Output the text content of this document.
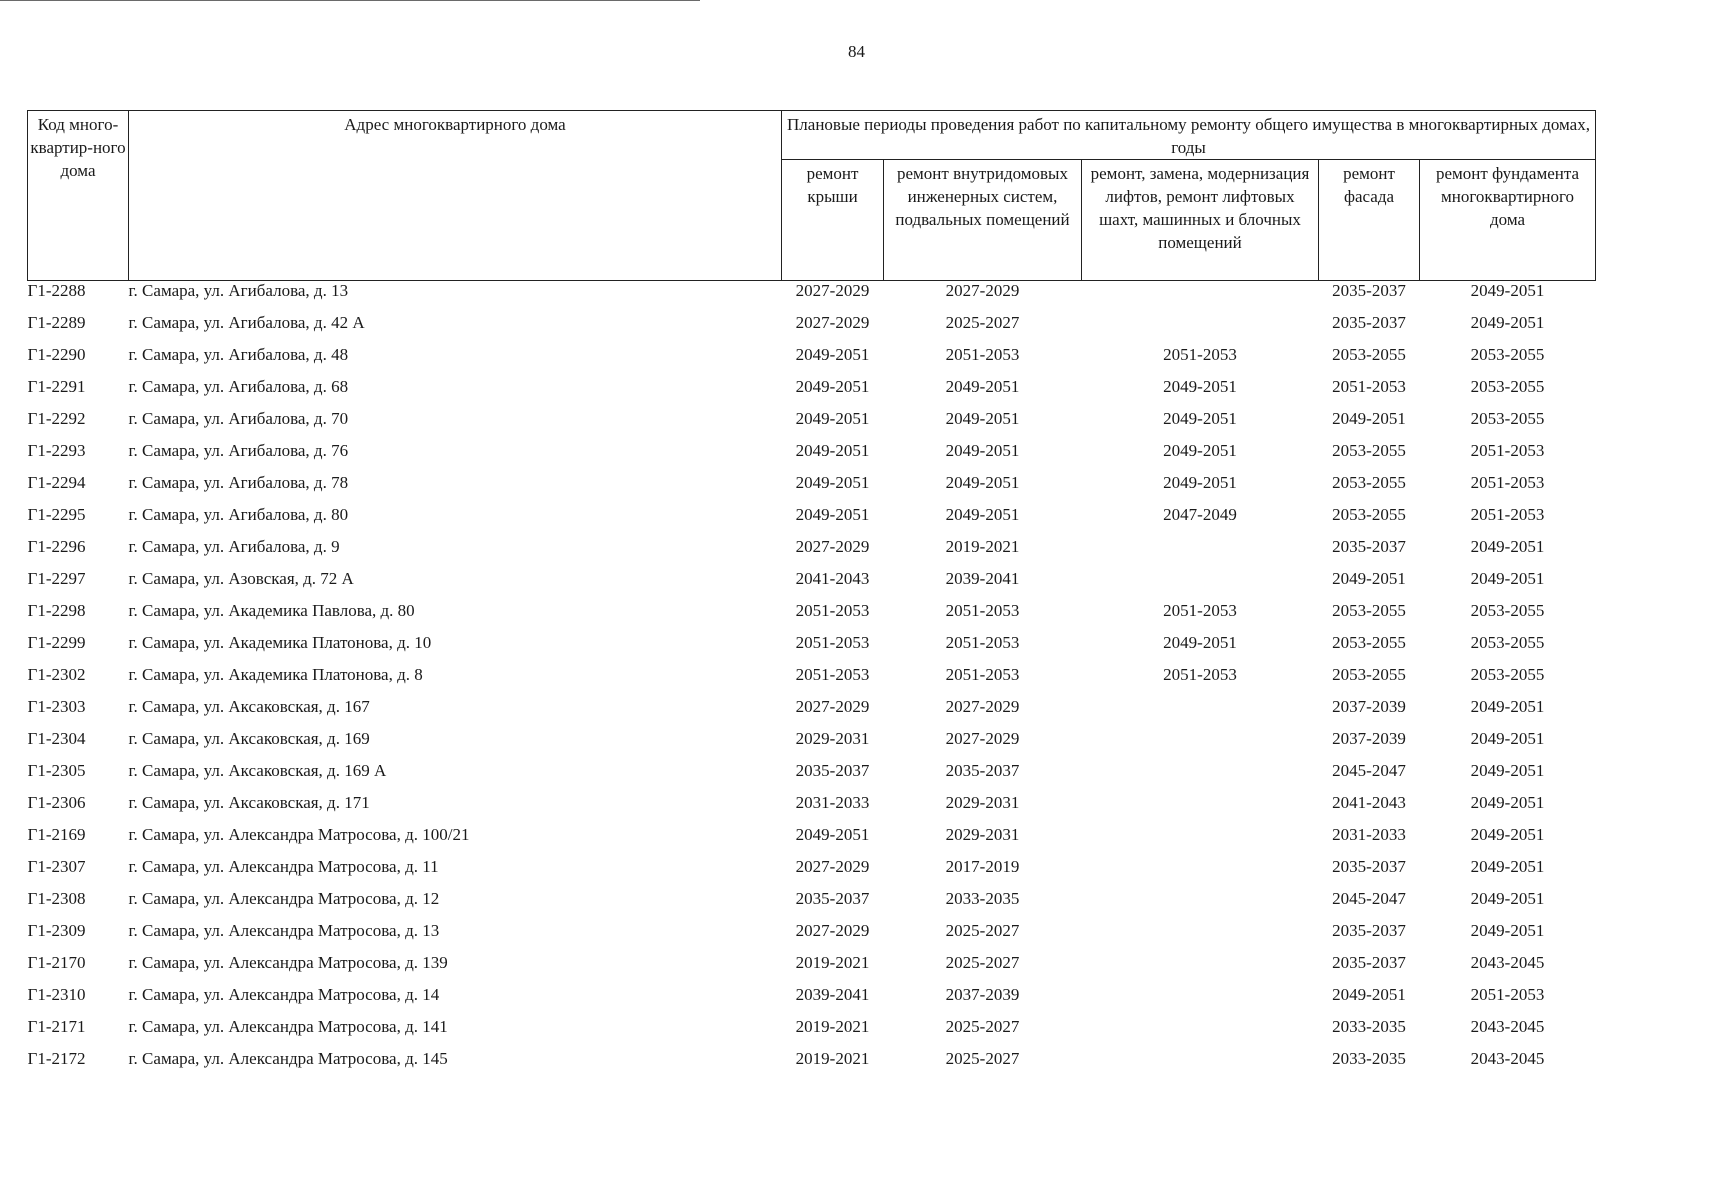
84
Код много-квартир-ного дома	Адрес многоквартирного дома	Плановые периоды проведения работ по капитальному ремонту общего имущества в многоквартирных домах, годы				
		ремонт крыши	ремонт внутридомовых инженерных систем, подвальных помещений	ремонт, замена, модернизация лифтов, ремонт лифтовых шахт, машинных и блочных помещений	ремонт фасада	ремонт фундамента многоквартирного дома
Г1-2288	г. Самара, ул. Агибалова, д. 13	2027-2029	2027-2029		2035-2037	2049-2051
Г1-2289	г. Самара, ул. Агибалова, д. 42 А	2027-2029	2025-2027		2035-2037	2049-2051
Г1-2290	г. Самара, ул. Агибалова, д. 48	2049-2051	2051-2053	2051-2053	2053-2055	2053-2055
Г1-2291	г. Самара, ул. Агибалова, д. 68	2049-2051	2049-2051	2049-2051	2051-2053	2053-2055
Г1-2292	г. Самара, ул. Агибалова, д. 70	2049-2051	2049-2051	2049-2051	2049-2051	2053-2055
Г1-2293	г. Самара, ул. Агибалова, д. 76	2049-2051	2049-2051	2049-2051	2053-2055	2051-2053
Г1-2294	г. Самара, ул. Агибалова, д. 78	2049-2051	2049-2051	2049-2051	2053-2055	2051-2053
Г1-2295	г. Самара, ул. Агибалова, д. 80	2049-2051	2049-2051	2047-2049	2053-2055	2051-2053
Г1-2296	г. Самара, ул. Агибалова, д. 9	2027-2029	2019-2021		2035-2037	2049-2051
Г1-2297	г. Самара, ул. Азовская, д. 72 А	2041-2043	2039-2041		2049-2051	2049-2051
Г1-2298	г. Самара, ул. Академика Павлова, д. 80	2051-2053	2051-2053	2051-2053	2053-2055	2053-2055
Г1-2299	г. Самара, ул. Академика Платонова, д. 10	2051-2053	2051-2053	2049-2051	2053-2055	2053-2055
Г1-2302	г. Самара, ул. Академика Платонова, д. 8	2051-2053	2051-2053	2051-2053	2053-2055	2053-2055
Г1-2303	г. Самара, ул. Аксаковская, д. 167	2027-2029	2027-2029		2037-2039	2049-2051
Г1-2304	г. Самара, ул. Аксаковская, д. 169	2029-2031	2027-2029		2037-2039	2049-2051
Г1-2305	г. Самара, ул. Аксаковская, д. 169 А	2035-2037	2035-2037		2045-2047	2049-2051
Г1-2306	г. Самара, ул. Аксаковская, д. 171	2031-2033	2029-2031		2041-2043	2049-2051
Г1-2169	г. Самара, ул. Александра Матросова, д. 100/21	2049-2051	2029-2031		2031-2033	2049-2051
Г1-2307	г. Самара, ул. Александра Матросова, д. 11	2027-2029	2017-2019		2035-2037	2049-2051
Г1-2308	г. Самара, ул. Александра Матросова, д. 12	2035-2037	2033-2035		2045-2047	2049-2051
Г1-2309	г. Самара, ул. Александра Матросова, д. 13	2027-2029	2025-2027		2035-2037	2049-2051
Г1-2170	г. Самара, ул. Александра Матросова, д. 139	2019-2021	2025-2027		2035-2037	2043-2045
Г1-2310	г. Самара, ул. Александра Матросова, д. 14	2039-2041	2037-2039		2049-2051	2051-2053
Г1-2171	г. Самара, ул. Александра Матросова, д. 141	2019-2021	2025-2027		2033-2035	2043-2045
Г1-2172	г. Самара, ул. Александра Матросова, д. 145	2019-2021	2025-2027		2033-2035	2043-2045
